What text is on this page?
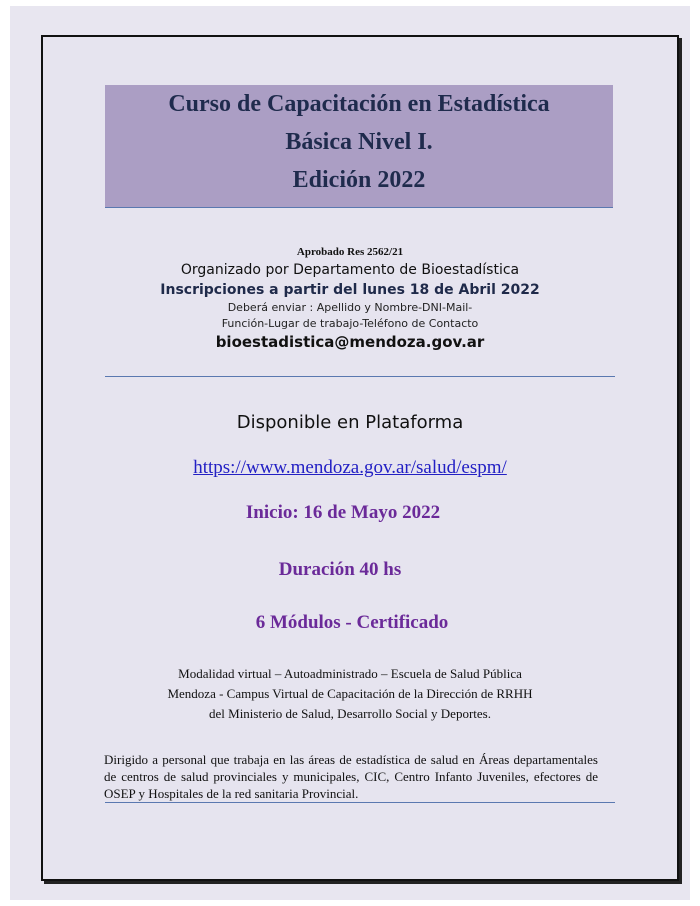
Curso de Capacitación en Estadística
Básica Nivel I.
Edición 2022
Aprobado Res 2562/21
Organizado por Departamento de Bioestadística
Inscripciones a partir del lunes 18 de Abril 2022
Deberá enviar : Apellido y Nombre-DNI-Mail-
Función-Lugar de trabajo-Teléfono de Contacto
bioestadistica@mendoza.gov.ar
Disponible en Plataforma
https://www.mendoza.gov.ar/salud/espm/
Inicio: 16 de Mayo 2022
Duración 40 hs
6 Módulos - Certificado
Modalidad virtual – Autoadministrado – Escuela de Salud Pública
Mendoza - Campus Virtual de Capacitación de la Dirección de RRHH
del Ministerio de Salud, Desarrollo Social y Deportes.
Dirigido a personal que trabaja en las áreas de estadística de salud en Áreas departamentales de centros de salud provinciales y municipales, CIC, Centro Infanto Juveniles, efectores de OSEP y Hospitales de la red sanitaria Provincial.
